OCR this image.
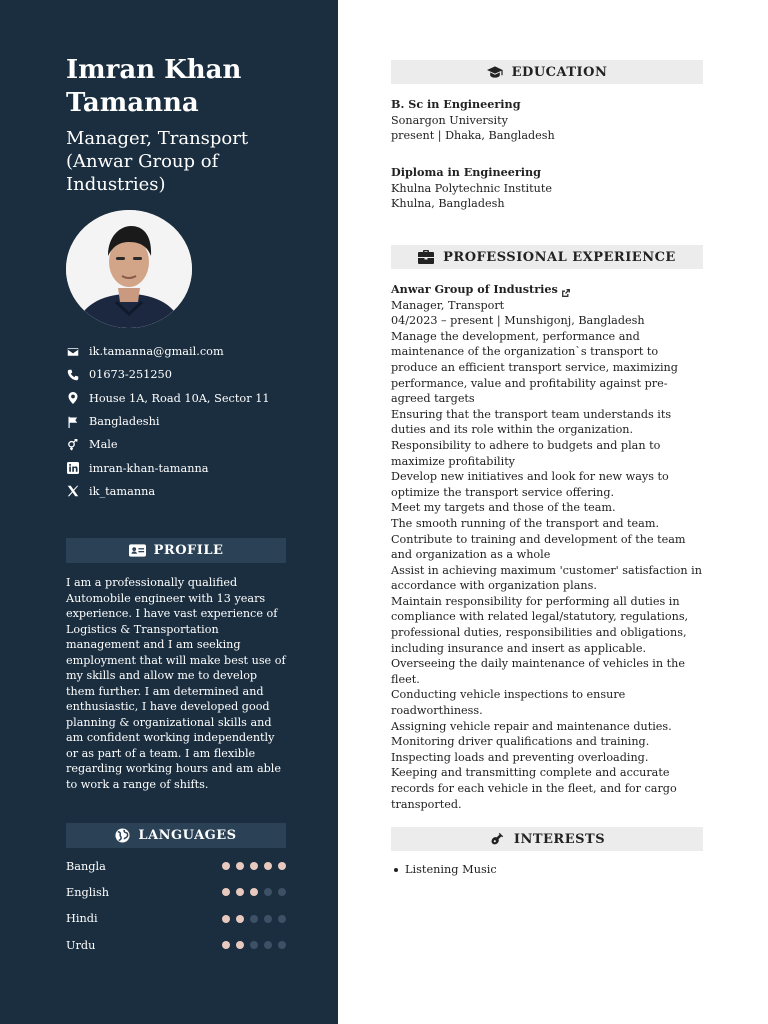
Imran Khan Tamanna
Manager, Transport (Anwar Group of Industries)
ik.tamanna@gmail.com
01673-251250
House 1A, Road 10A, Sector 11
Bangladeshi
Male
imran-khan-tamanna
ik_tamanna
PROFILE

I am a professionally qualified Automobile engineer with 13 years experience. I have vast experience of Logistics & Transportation management and I am seeking employment that will make best use of my skills and allow me to develop them further. I am determined and enthusiastic, I have developed good planning & organizational skills and am confident working independently or as part of a team. I am flexible regarding working hours and am able to work a range of shifts.

LANGUAGES
Bangla
English
Hindi
Urdu
EDUCATION
B. Sc in Engineering
Sonargon University
present | Dhaka, Bangladesh
Diploma in Engineering
Khulna Polytechnic Institute
Khulna, Bangladesh
PROFESSIONAL EXPERIENCE
Anwar Group of Industries
Manager, Transport
04/2023 – present | Munshigonj, Bangladesh
Manage the development, performance and maintenance of the organization`s transport to produce an efficient transport service, maximizing performance, value and profitability against pre-agreed targets
Ensuring that the transport team understands its duties and its role within the organization.
Responsibility to adhere to budgets and plan to maximize profitability
Develop new initiatives and look for new ways to optimize the transport service offering.
Meet my targets and those of the team.
The smooth running of the transport and team.
Contribute to training and development of the team and organization as a whole
Assist in achieving maximum 'customer' satisfaction in accordance with organization plans.
Maintain responsibility for performing all duties in compliance with related legal/statutory, regulations, professional duties, responsibilities and obligations, including insurance and insert as applicable.
Overseeing the daily maintenance of vehicles in the fleet.
Conducting vehicle inspections to ensure roadworthiness.
Assigning vehicle repair and maintenance duties.
Monitoring driver qualifications and training.
Inspecting loads and preventing overloading.
Keeping and transmitting complete and accurate records for each vehicle in the fleet, and for cargo transported.
INTERESTS
Listening Music
